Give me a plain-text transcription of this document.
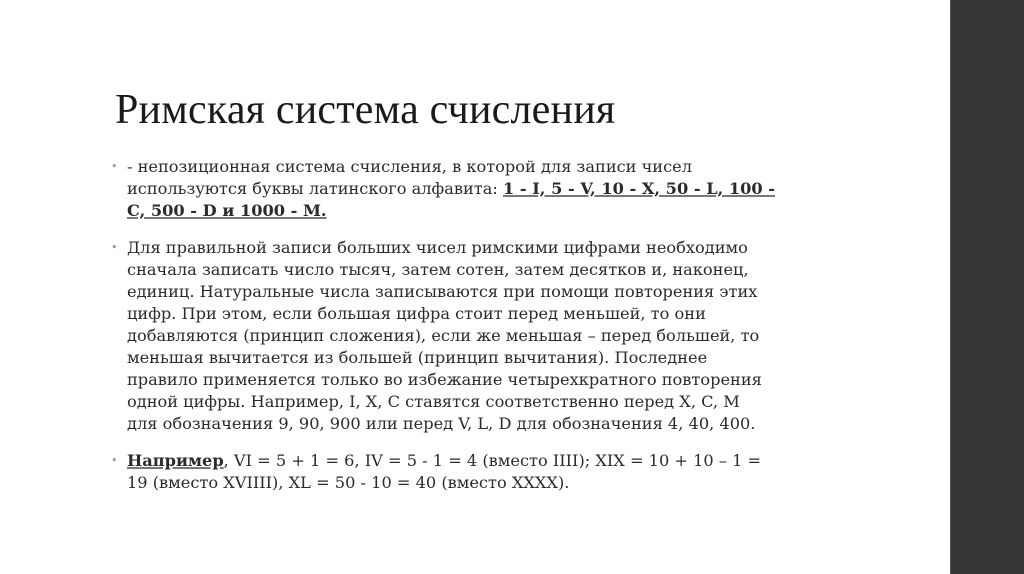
Римская система счисления
• - непозиционная система счисления, в которой для записи чисел
используются буквы латинского алфавита: 1 - I, 5 - V, 10 - X, 50 - L, 100 -
C, 500 - D и 1000 - M.
• Для правильной записи больших чисел римскими цифрами необходимо
сначала записать число тысяч, затем сотен, затем десятков и, наконец,
единиц. Натуральные числа записываются при помощи повторения этих
цифр. При этом, если большая цифра стоит перед меньшей, то они
добавляются (принцип сложения), если же меньшая – перед большей, то
меньшая вычитается из большей (принцип вычитания). Последнее
правило применяется только во избежание четырехкратного повторения
одной цифры. Например, I, X, C ставятся соответственно перед X, C, M
для обозначения 9, 90, 900 или перед V, L, D для обозначения 4, 40, 400.
• Например, VI = 5 + 1 = 6, IV = 5 - 1 = 4 (вместо IIII); XIX = 10 + 10 – 1 =
19 (вместо XVIIII), XL = 50 - 10 = 40 (вместо XXXX).
